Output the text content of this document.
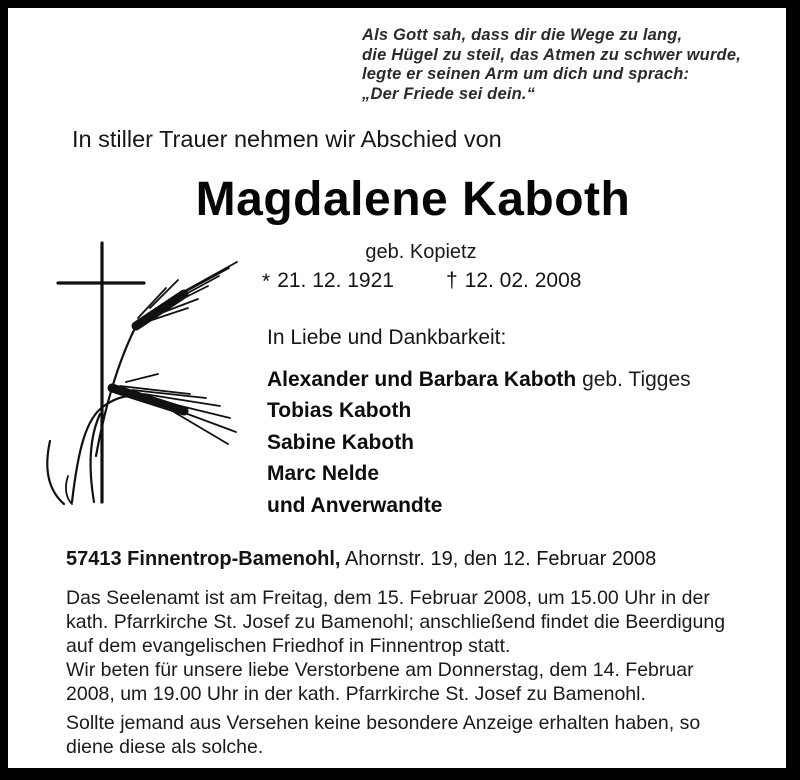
Als Gott sah, dass dir die Wege zu lang,
die Hügel zu steil, das Atmen zu schwer wurde,
legte er seinen Arm um dich und sprach:
„Der Friede sei dein.“
In stiller Trauer nehmen wir Abschied von
Magdalene Kaboth
geb. Kopietz
* 21. 12. 1921 † 12. 02. 2008
In Liebe und Dankbarkeit:
Alexander und Barbara Kaboth geb. Tigges
Tobias Kaboth
Sabine Kaboth
Marc Nelde
und Anverwandte
57413 Finnentrop-Bamenohl, Ahornstr. 19, den 12. Februar 2008
Das Seelenamt ist am Freitag, dem 15. Februar 2008, um 15.00 Uhr in der
kath. Pfarrkirche St. Josef zu Bamenohl; anschließend findet die Beerdigung
auf dem evangelischen Friedhof in Finnentrop statt.
Wir beten für unsere liebe Verstorbene am Donnerstag, dem 14. Februar
2008, um 19.00 Uhr in der kath. Pfarrkirche St. Josef zu Bamenohl.
Sollte jemand aus Versehen keine besondere Anzeige erhalten haben, so
diene diese als solche.
